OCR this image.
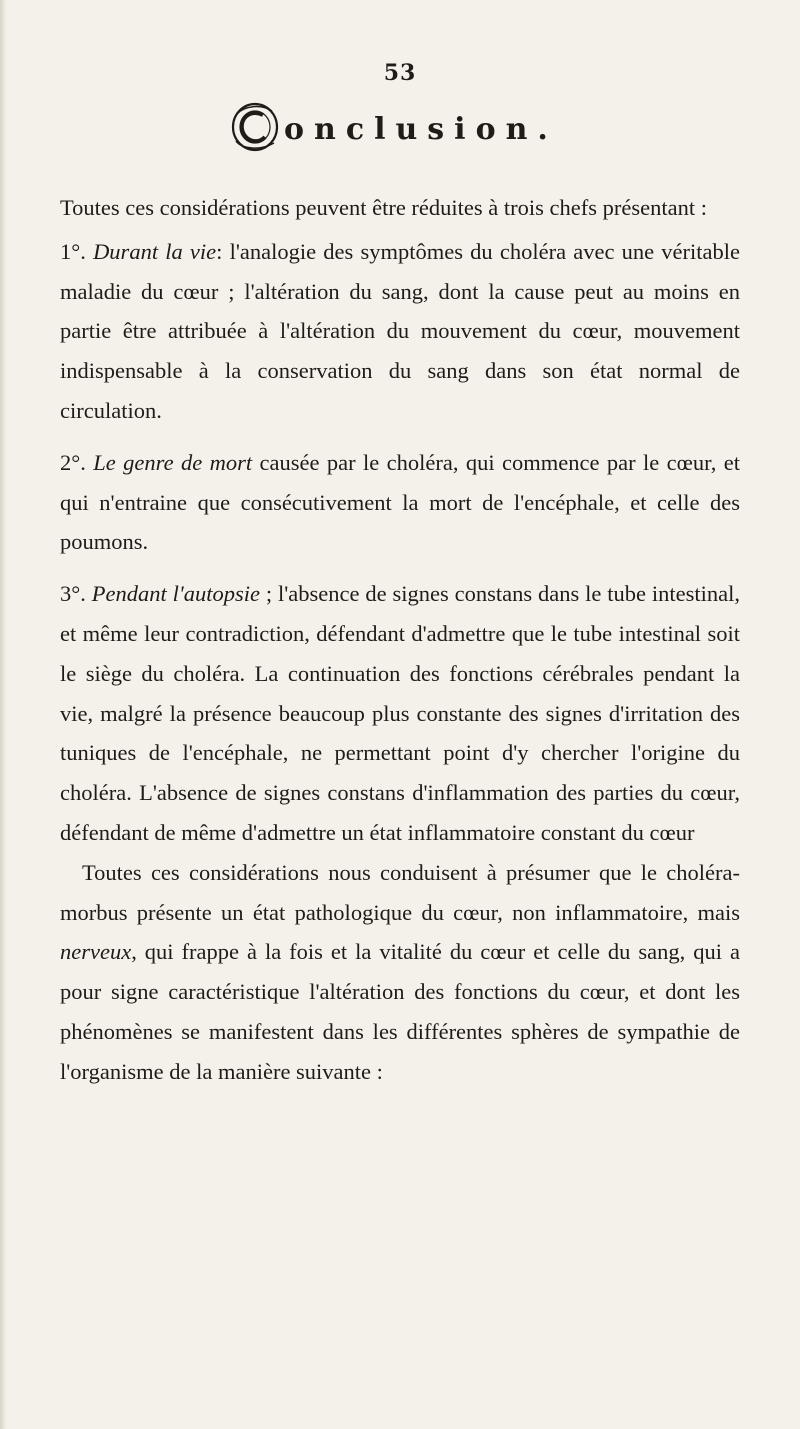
53
onclusion.

Toutes ces considérations peuvent être réduites à trois chefs présentant :

1°. Durant la vie: l'analogie des symptômes du choléra avec une véritable maladie du cœur ; l'altération du sang, dont la cause peut au moins en partie être attribuée à l'altération du mouvement du cœur, mouvement indispensable à la conservation du sang dans son état normal de circulation.

2°. Le genre de mort causée par le choléra, qui commence par le cœur, et qui n'entraine que consécutivement la mort de l'encéphale, et celle des poumons.

3°. Pendant l'autopsie ; l'absence de signes constans dans le tube intestinal, et même leur contradiction, défendant d'admettre que le tube intestinal soit le siège du choléra. La continuation des fonctions cérébrales pendant la vie, malgré la présence beaucoup plus constante des signes d'irritation des tuniques de l'encéphale, ne permettant point d'y chercher l'origine du choléra. L'absence de signes constans d'inflammation des parties du cœur, défendant de même d'admettre un état inflammatoire constant du cœur

Toutes ces considérations nous conduisent à présumer que le choléra-morbus présente un état pathologique du cœur, non inflammatoire, mais nerveux, qui frappe à la fois et la vitalité du cœur et celle du sang, qui a pour signe caractéristique l'altération des fonctions du cœur, et dont les phénomènes se manifestent dans les différentes sphères de sympathie de l'organisme de la manière suivante :
